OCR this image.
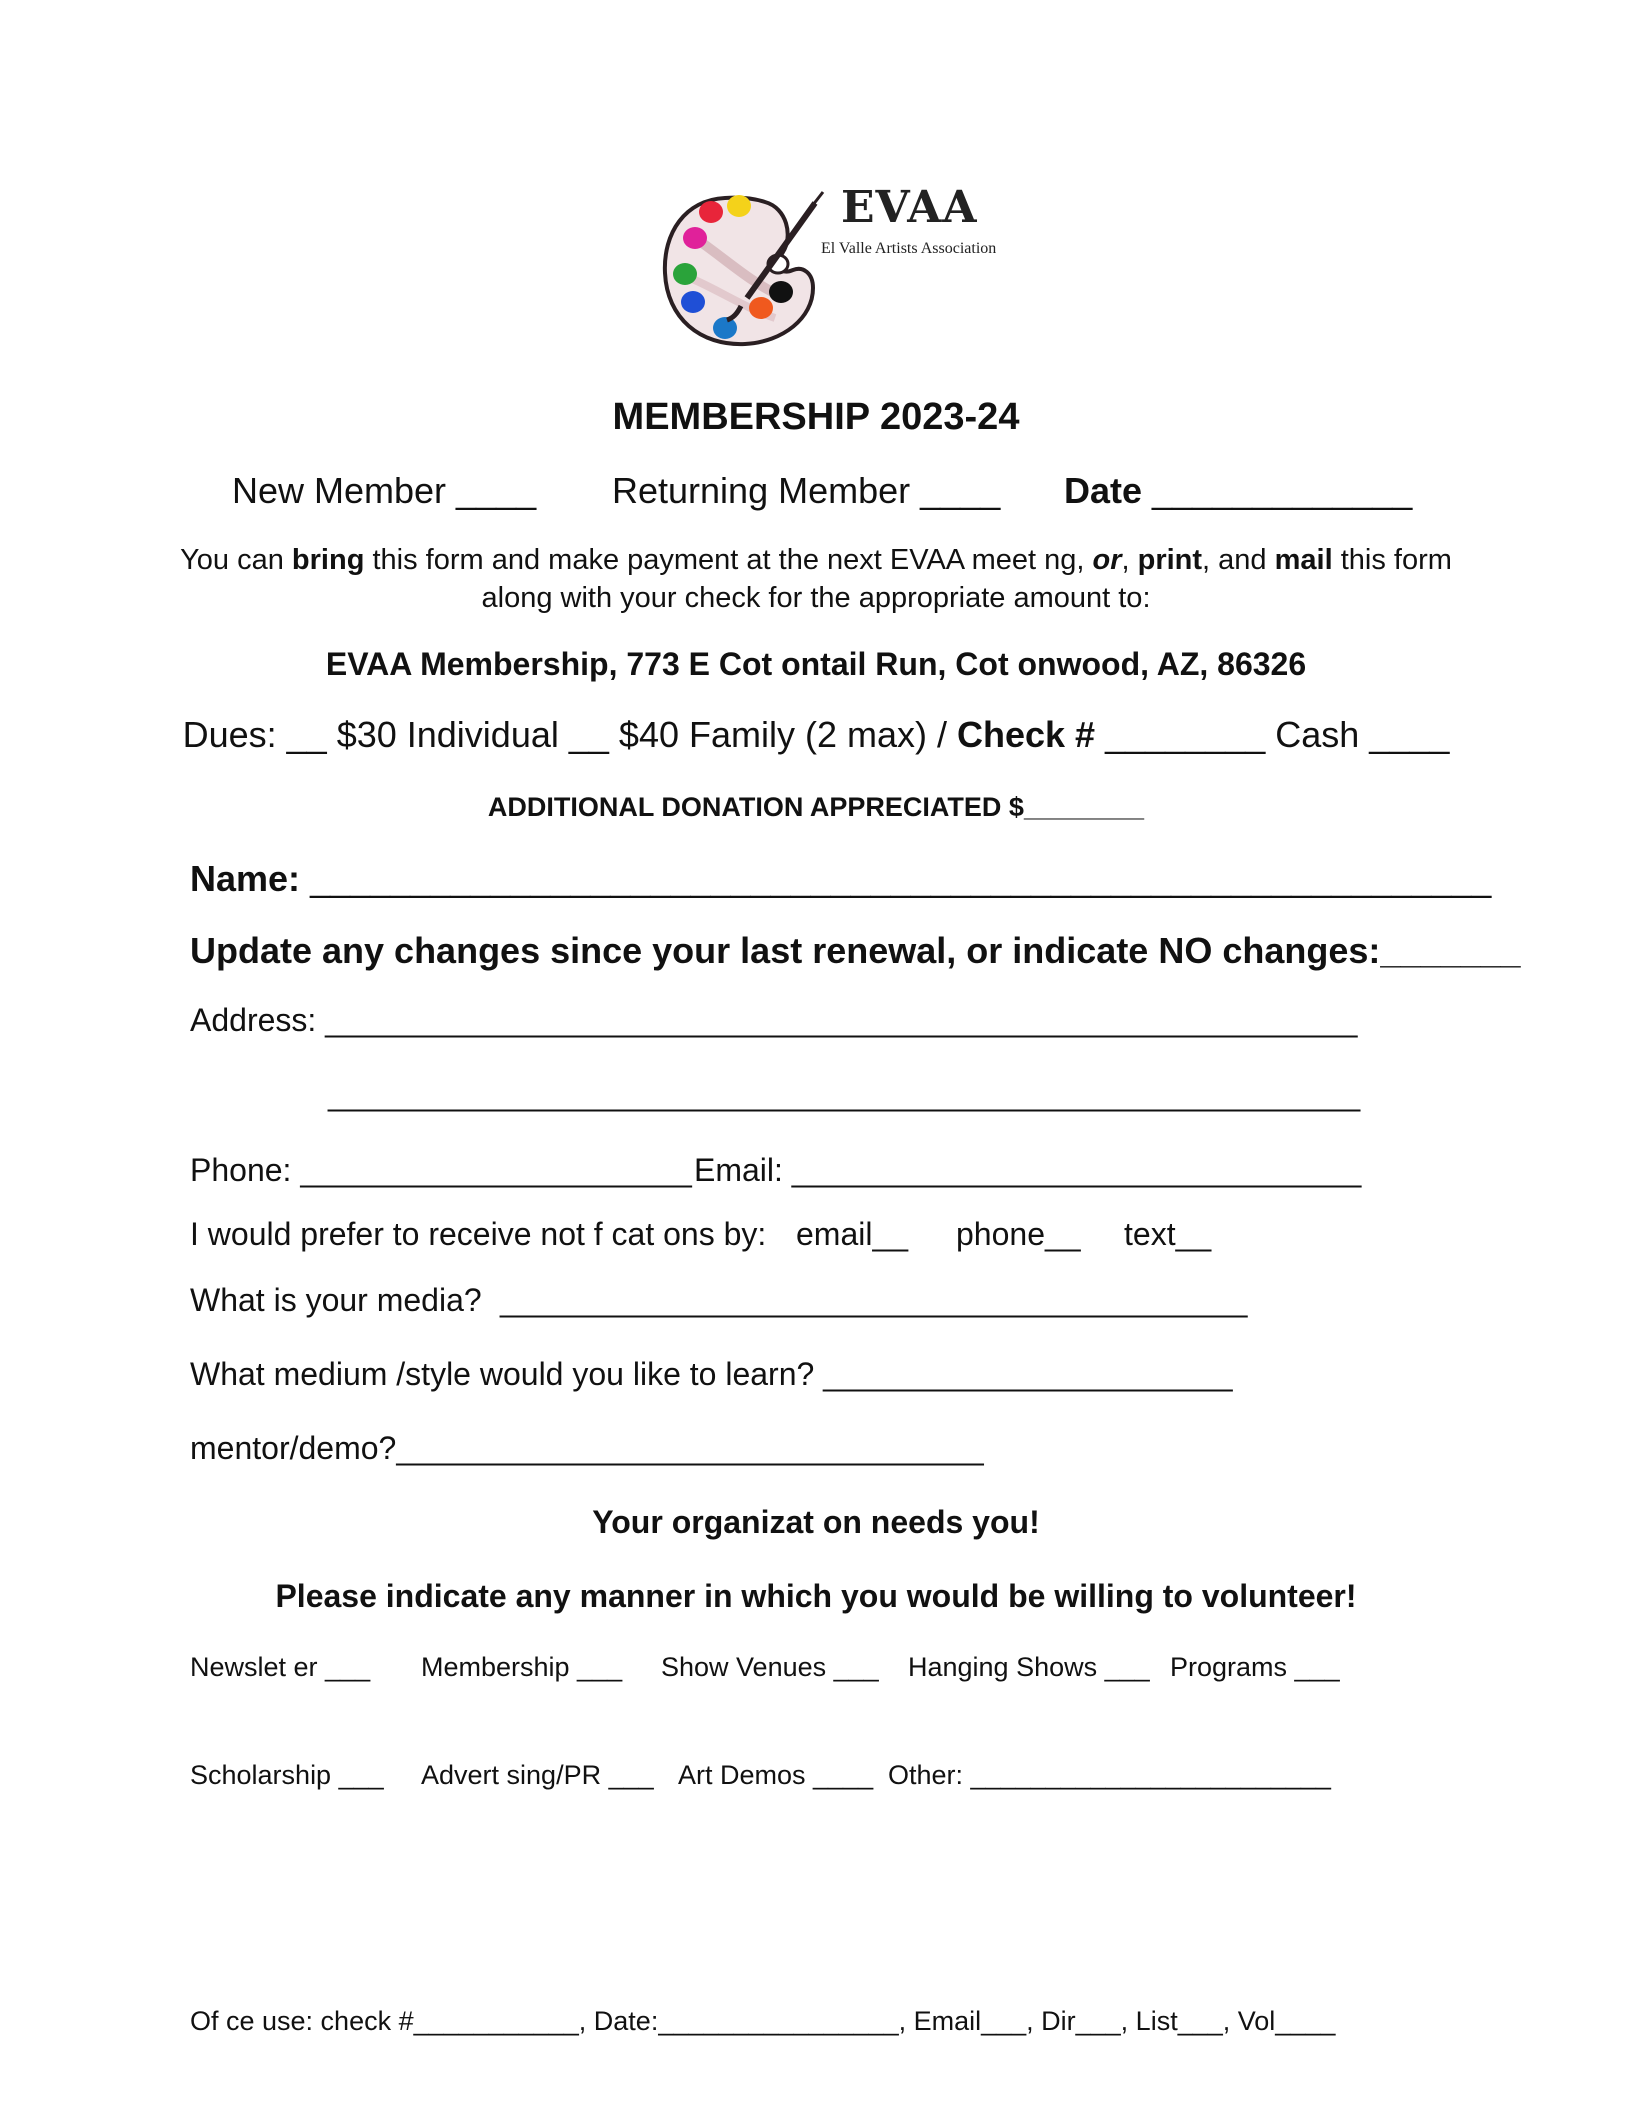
EVAA
El Valle Artists Association
MEMBERSHIP 2023-24
New Member ____ Returning Member ____ Date _____________
You can bring this form and make payment at the next EVAA meet ng, or, print, and mail this form
along with your check for the appropriate amount to:
EVAA Membership, 773 E Cot ontail Run, Cot onwood, AZ, 86326
Dues: __ $30 Individual __ $40 Family (2 max) / Check # ________ Cash ____
ADDITIONAL DONATION APPRECIATED $________
Name: ___________________________________________________________
Update any changes since your last renewal, or indicate NO changes:_______
Address: __________________________________________________________
__________________________________________________________
Phone: ______________________ Email: ________________________________
I would prefer to receive not f cat ons by: email__ phone__ text__
What is your media? __________________________________________
What medium /style would you like to learn? _______________________
mentor/demo?_________________________________
Your organizat on needs you!
Please indicate any manner in which you would be willing to volunteer!
Newslet er ___ Membership ___ Show Venues ___ Hanging Shows ___ Programs ___
Scholarship ___ Advert sing/PR ___ Art Demos ____ Other: ________________________
Of ce use: check #___________, Date:________________, Email___, Dir___, List___, Vol____
